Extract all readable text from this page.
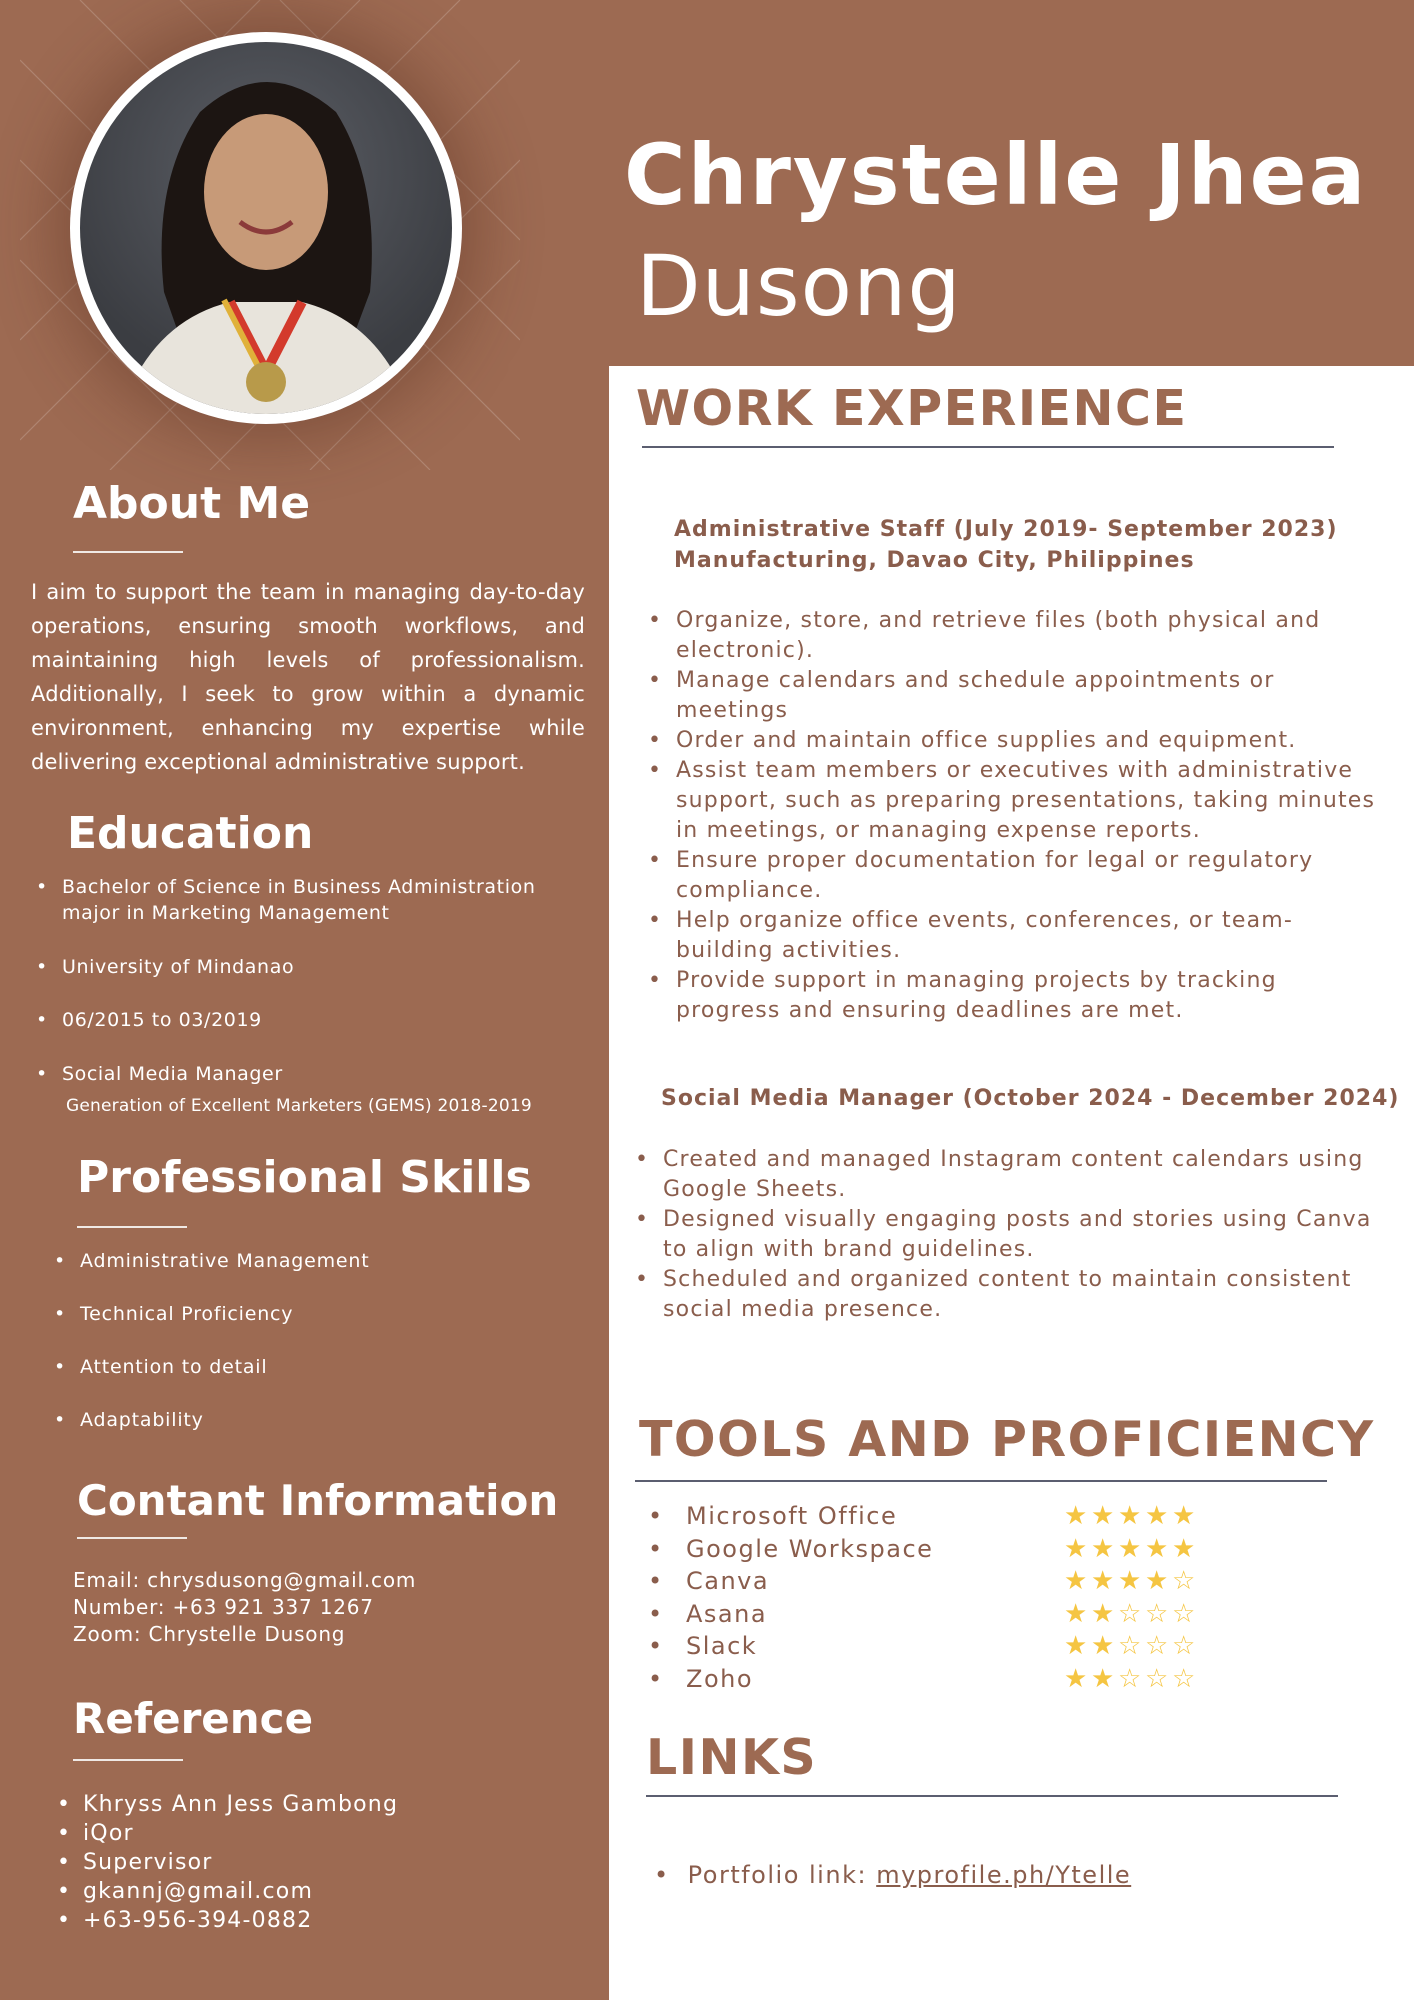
About Me

I aim to support the team in managing day-to-day operations, ensuring smooth workflows, and maintaining high levels of professionalism. Additionally, I seek to grow within a dynamic environment, enhancing my expertise while delivering exceptional administrative support.

Education
• Bachelor of Science in Business Administration major in Marketing Management
• University of Mindanao
• 06/2015 to 03/2019
• Social Media Manager
Generation of Excellent Marketers (GEMS) 2018-2019
Professional Skills
• Administrative Management
• Technical Proficiency
• Attention to detail
• Adaptability
Contant Information
Email: chrysdusong@gmail.com
Number: +63 921 337 1267
Zoom: Chrystelle Dusong
Reference
• Khryss Ann Jess Gambong
• iQor
• Supervisor
• gkannj@gmail.com
• +63-956-394-0882
Chrystelle Jhea
Dusong
WORK EXPERIENCE
Administrative Staff (July 2019- September 2023)
Manufacturing, Davao City, Philippines
• Organize, store, and retrieve files (both physical and electronic).
• Manage calendars and schedule appointments or meetings
• Order and maintain office supplies and equipment.
• Assist team members or executives with administrative support, such as preparing presentations, taking minutes in meetings, or managing expense reports.
• Ensure proper documentation for legal or regulatory compliance.
• Help organize office events, conferences, or team-building activities.
• Provide support in managing projects by tracking progress and ensuring deadlines are met.
Social Media Manager (October 2024 - December 2024)
• Created and managed Instagram content calendars using Google Sheets.
• Designed visually engaging posts and stories using Canva to align with brand guidelines.
• Scheduled and organized content to maintain consistent social media presence.
TOOLS AND PROFICIENCY
• Microsoft Office	★ ★ ★ ★ ★
• Google Workspace	★ ★ ★ ★ ★
• Canva	★ ★ ★ ★ ☆
• Asana	★ ★ ☆ ☆ ☆
• Slack	★ ★ ☆ ☆ ☆
• Zoho	★ ★ ☆ ☆ ☆
LINKS
• Portfolio link: myprofile.ph/Ytelle
